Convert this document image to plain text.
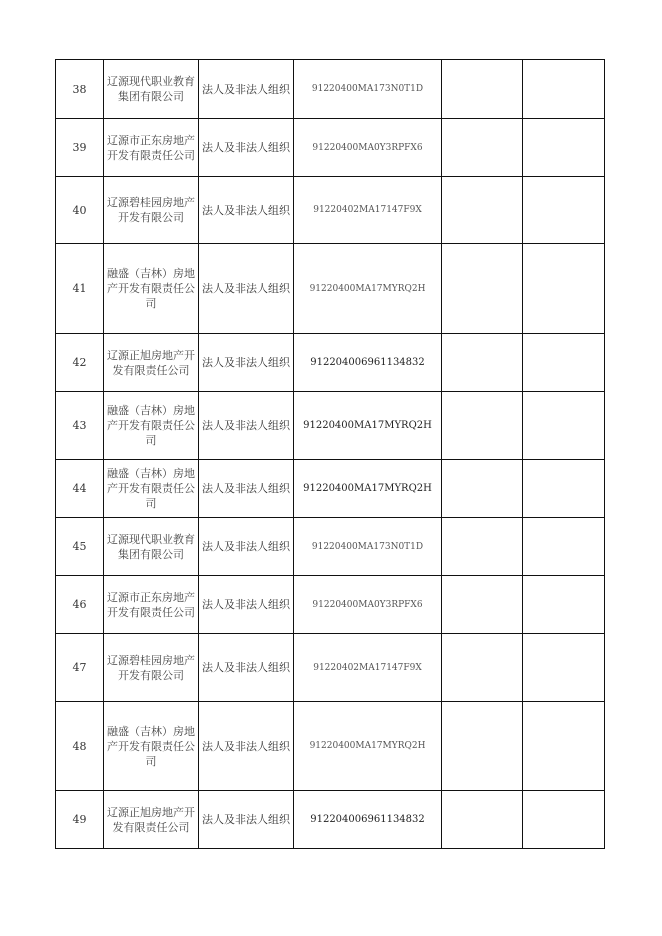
38	辽源现代职业教育集团有限公司	法人及非法人组织	91220400MA173N0T1D		
39	辽源市正东房地产开发有限责任公司	法人及非法人组织	91220400MA0Y3RPFX6		
40	辽源碧桂园房地产开发有限公司	法人及非法人组织	91220402MA17147F9X		
41	融盛（吉林）房地产开发有限责任公司	法人及非法人组织	91220400MA17MYRQ2H		
42	辽源正旭房地产开发有限责任公司	法人及非法人组织	912204006961134832		
43	融盛（吉林）房地产开发有限责任公司	法人及非法人组织	91220400MA17MYRQ2H		
44	融盛（吉林）房地产开发有限责任公司	法人及非法人组织	91220400MA17MYRQ2H		
45	辽源现代职业教育集团有限公司	法人及非法人组织	91220400MA173N0T1D		
46	辽源市正东房地产开发有限责任公司	法人及非法人组织	91220400MA0Y3RPFX6		
47	辽源碧桂园房地产开发有限公司	法人及非法人组织	91220402MA17147F9X		
48	融盛（吉林）房地产开发有限责任公司	法人及非法人组织	91220400MA17MYRQ2H		
49	辽源正旭房地产开发有限责任公司	法人及非法人组织	912204006961134832		
